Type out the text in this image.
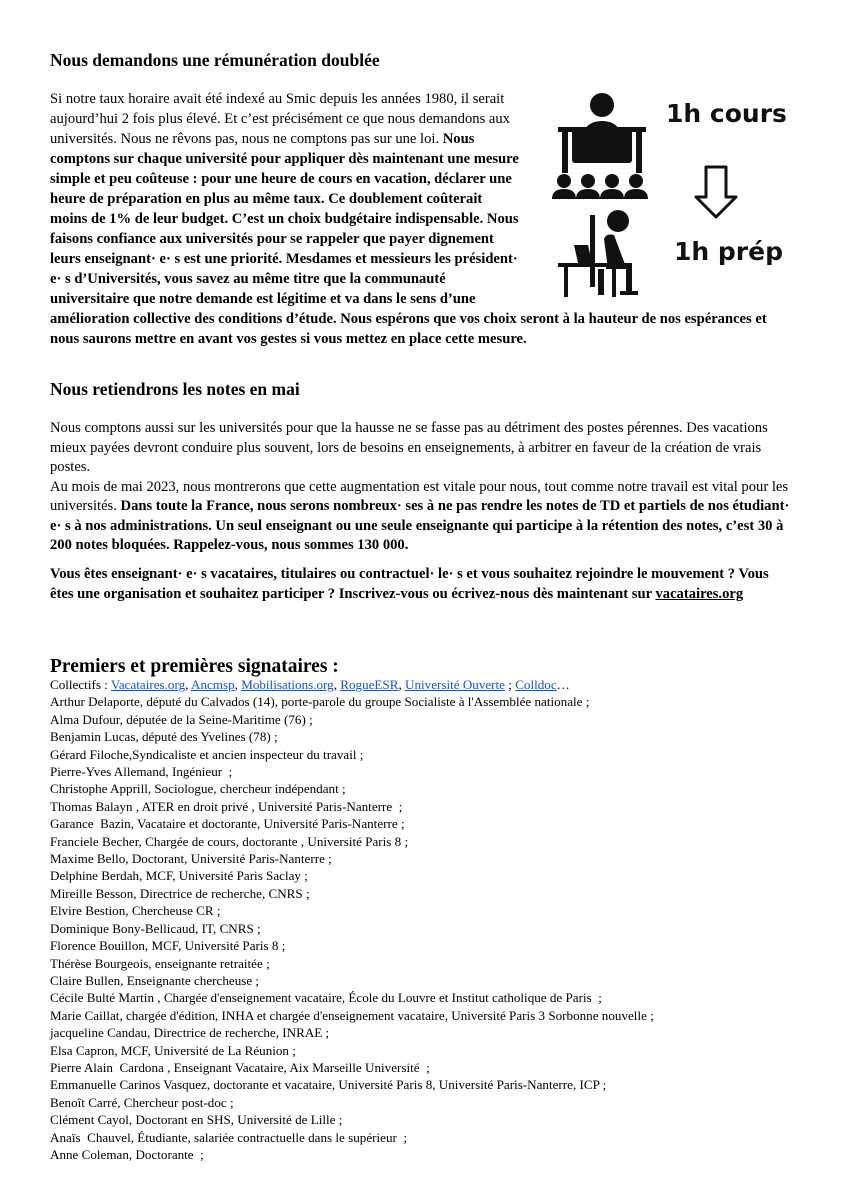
Nous demandons une rémunération doublée

1h cours
1h prép
Si notre taux horaire avait été indexé au Smic depuis les années 1980, il serait aujourd’hui 2 fois plus élevé. Et c’est précisément ce que nous demandons aux universités. Nous ne rêvons pas, nous ne comptons pas sur une loi. Nous comptons sur chaque université pour appliquer dès maintenant une mesure simple et peu coûteuse : pour une heure de cours en vacation, déclarer une heure de préparation en plus au même taux. Ce doublement coûterait moins de 1% de leur budget. C’est un choix budgétaire indispensable. Nous faisons confiance aux universités pour se rappeler que payer dignement leurs enseignant· e· s est une priorité. Mesdames et messieurs les président· e· s d’Universités, vous savez au même titre que la communauté universitaire que notre demande est légitime et va dans le sens d’une amélioration collective des conditions d’étude. Nous espérons que vos choix seront à la hauteur de nos espérances et nous saurons mettre en avant vos gestes si vous mettez en place cette mesure.

Nous retiendrons les notes en mai

Nous comptons aussi sur les universités pour que la hausse ne se fasse pas au détriment des postes pérennes. Des vacations mieux payées devront conduire plus souvent, lors de besoins en enseignements, à arbitrer en faveur de la création de vrais postes.
Au mois de mai 2023, nous montrerons que cette augmentation est vitale pour nous, tout comme notre travail est vital pour les universités. Dans toute la France, nous serons nombreux· ses à ne pas rendre les notes de TD et partiels de nos étudiant· e· s à nos administrations. Un seul enseignant ou une seule enseignante qui participe à la rétention des notes, c’est 30 à 200 notes bloquées. Rappelez-vous, nous sommes 130 000.

Vous êtes enseignant· e· s vacataires, titulaires ou contractuel· le· s et vous souhaitez rejoindre le mouvement ? Vous êtes une organisation et souhaitez participer ? Inscrivez-vous ou écrivez-nous dès maintenant sur vacataires.org

Premiers et premières signataires :
Collectifs : Vacataires.org, Ancmsp, Mobilisations.org, RogueESR, Université Ouverte ; Colldoc…
Arthur Delaporte, député du Calvados (14), porte-parole du groupe Socialiste à l'Assemblée nationale ;
Alma Dufour, députée de la Seine-Maritime (76) ;
Benjamin Lucas, député des Yvelines (78) ;
Gérard Filoche,Syndicaliste et ancien inspecteur du travail ;
Pierre-Yves Allemand, Ingénieur  ;
Christophe Apprill, Sociologue, chercheur indépendant ;
Thomas Balayn , ATER en droit privé , Université Paris-Nanterre  ;
Garance  Bazin, Vacataire et doctorante, Université Paris-Nanterre ;
Franciele Becher, Chargée de cours, doctorante , Université Paris 8 ;
Maxime Bello, Doctorant, Université Paris-Nanterre ;
Delphine Berdah, MCF, Université Paris Saclay ;
Mireille Besson, Directrice de recherche, CNRS ;
Elvire Bestion, Chercheuse CR ;
Dominique Bony-Bellicaud, IT, CNRS ;
Florence Bouillon, MCF, Université Paris 8 ;
Thérèse Bourgeois, enseignante retraitée ;
Claire Bullen, Enseignante chercheuse ;
Cécile Bulté Martin , Chargée d'enseignement vacataire, École du Louvre et Institut catholique de Paris  ;
Marie Caillat, chargée d'édition, INHA et chargée d'enseignement vacataire, Université Paris 3 Sorbonne nouvelle ;
jacqueline Candau, Directrice de recherche, INRAE ;
Elsa Capron, MCF, Université de La Réunion ;
Pierre Alain  Cardona , Enseignant Vacataire, Aix Marseille Université  ;
Emmanuelle Carinos Vasquez, doctorante et vacataire, Université Paris 8, Université Paris-Nanterre, ICP ;
Benoît Carré, Chercheur post-doc ;
Clément Cayol, Doctorant en SHS, Université de Lille ;
Anaïs  Chauvel, Étudiante, salariée contractuelle dans le supérieur  ;
Anne Coleman, Doctorante  ;
